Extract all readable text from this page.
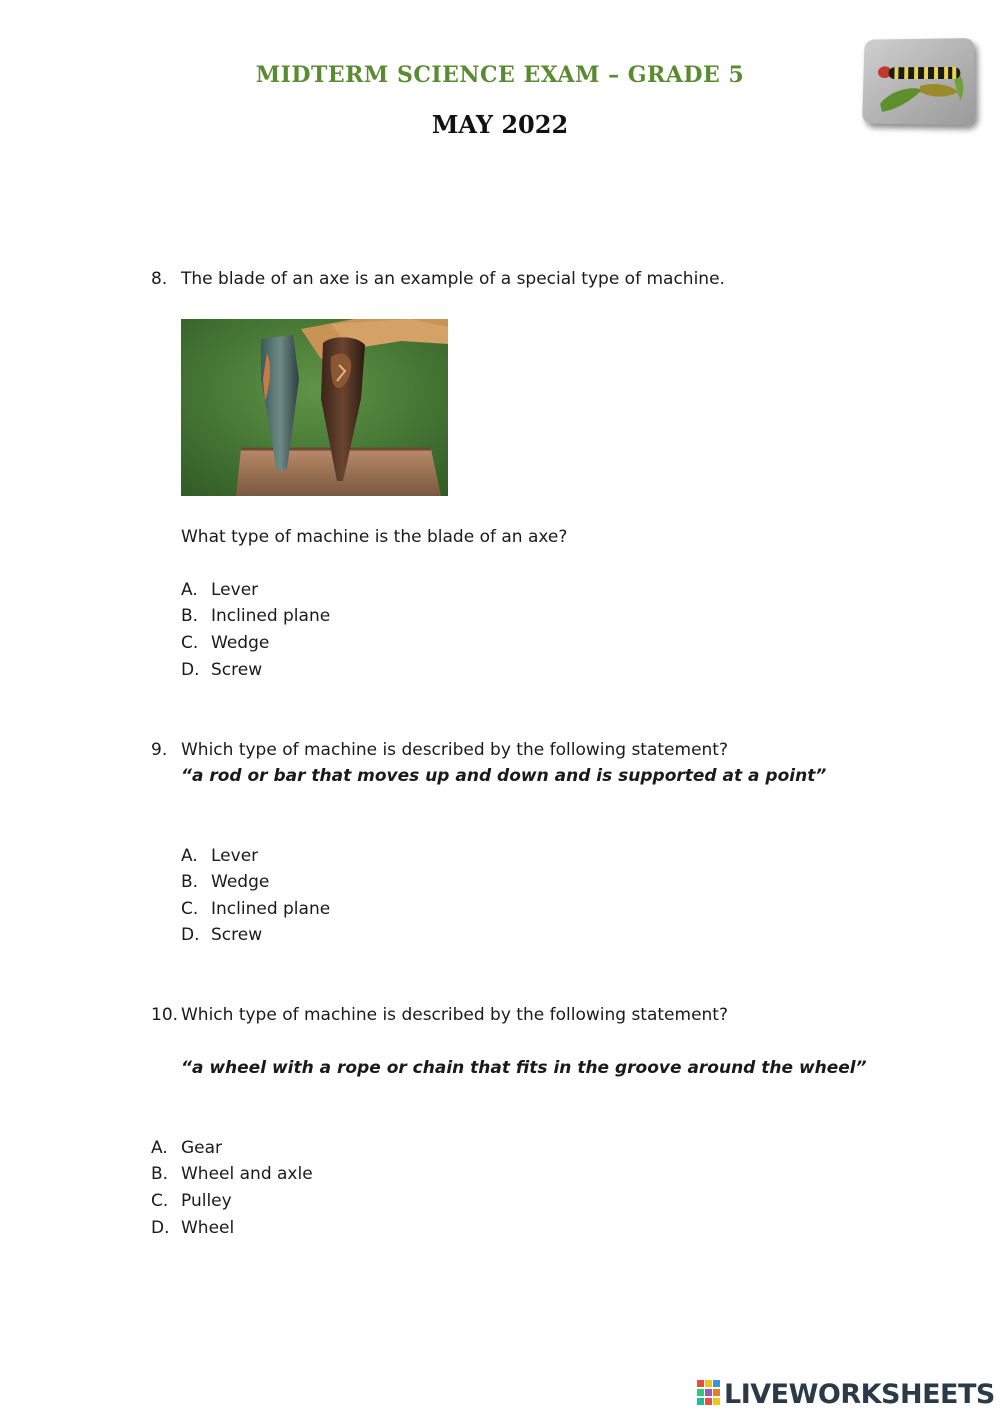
MIDTERM SCIENCE EXAM – GRADE 5
MAY 2022
8. The blade of an axe is an example of a special type of machine.
What type of machine is the blade of an axe?
A. Lever
B. Inclined plane
C. Wedge
D. Screw
9. Which type of machine is described by the following statement?
“a rod or bar that moves up and down and is supported at a point”
A. Lever
B. Wedge
C. Inclined plane
D. Screw
10. Which type of machine is described by the following statement?
“a wheel with a rope or chain that fits in the groove around the wheel”
A. Gear
B. Wheel and axle
C. Pulley
D. Wheel
LIVEWORKSHEETS
